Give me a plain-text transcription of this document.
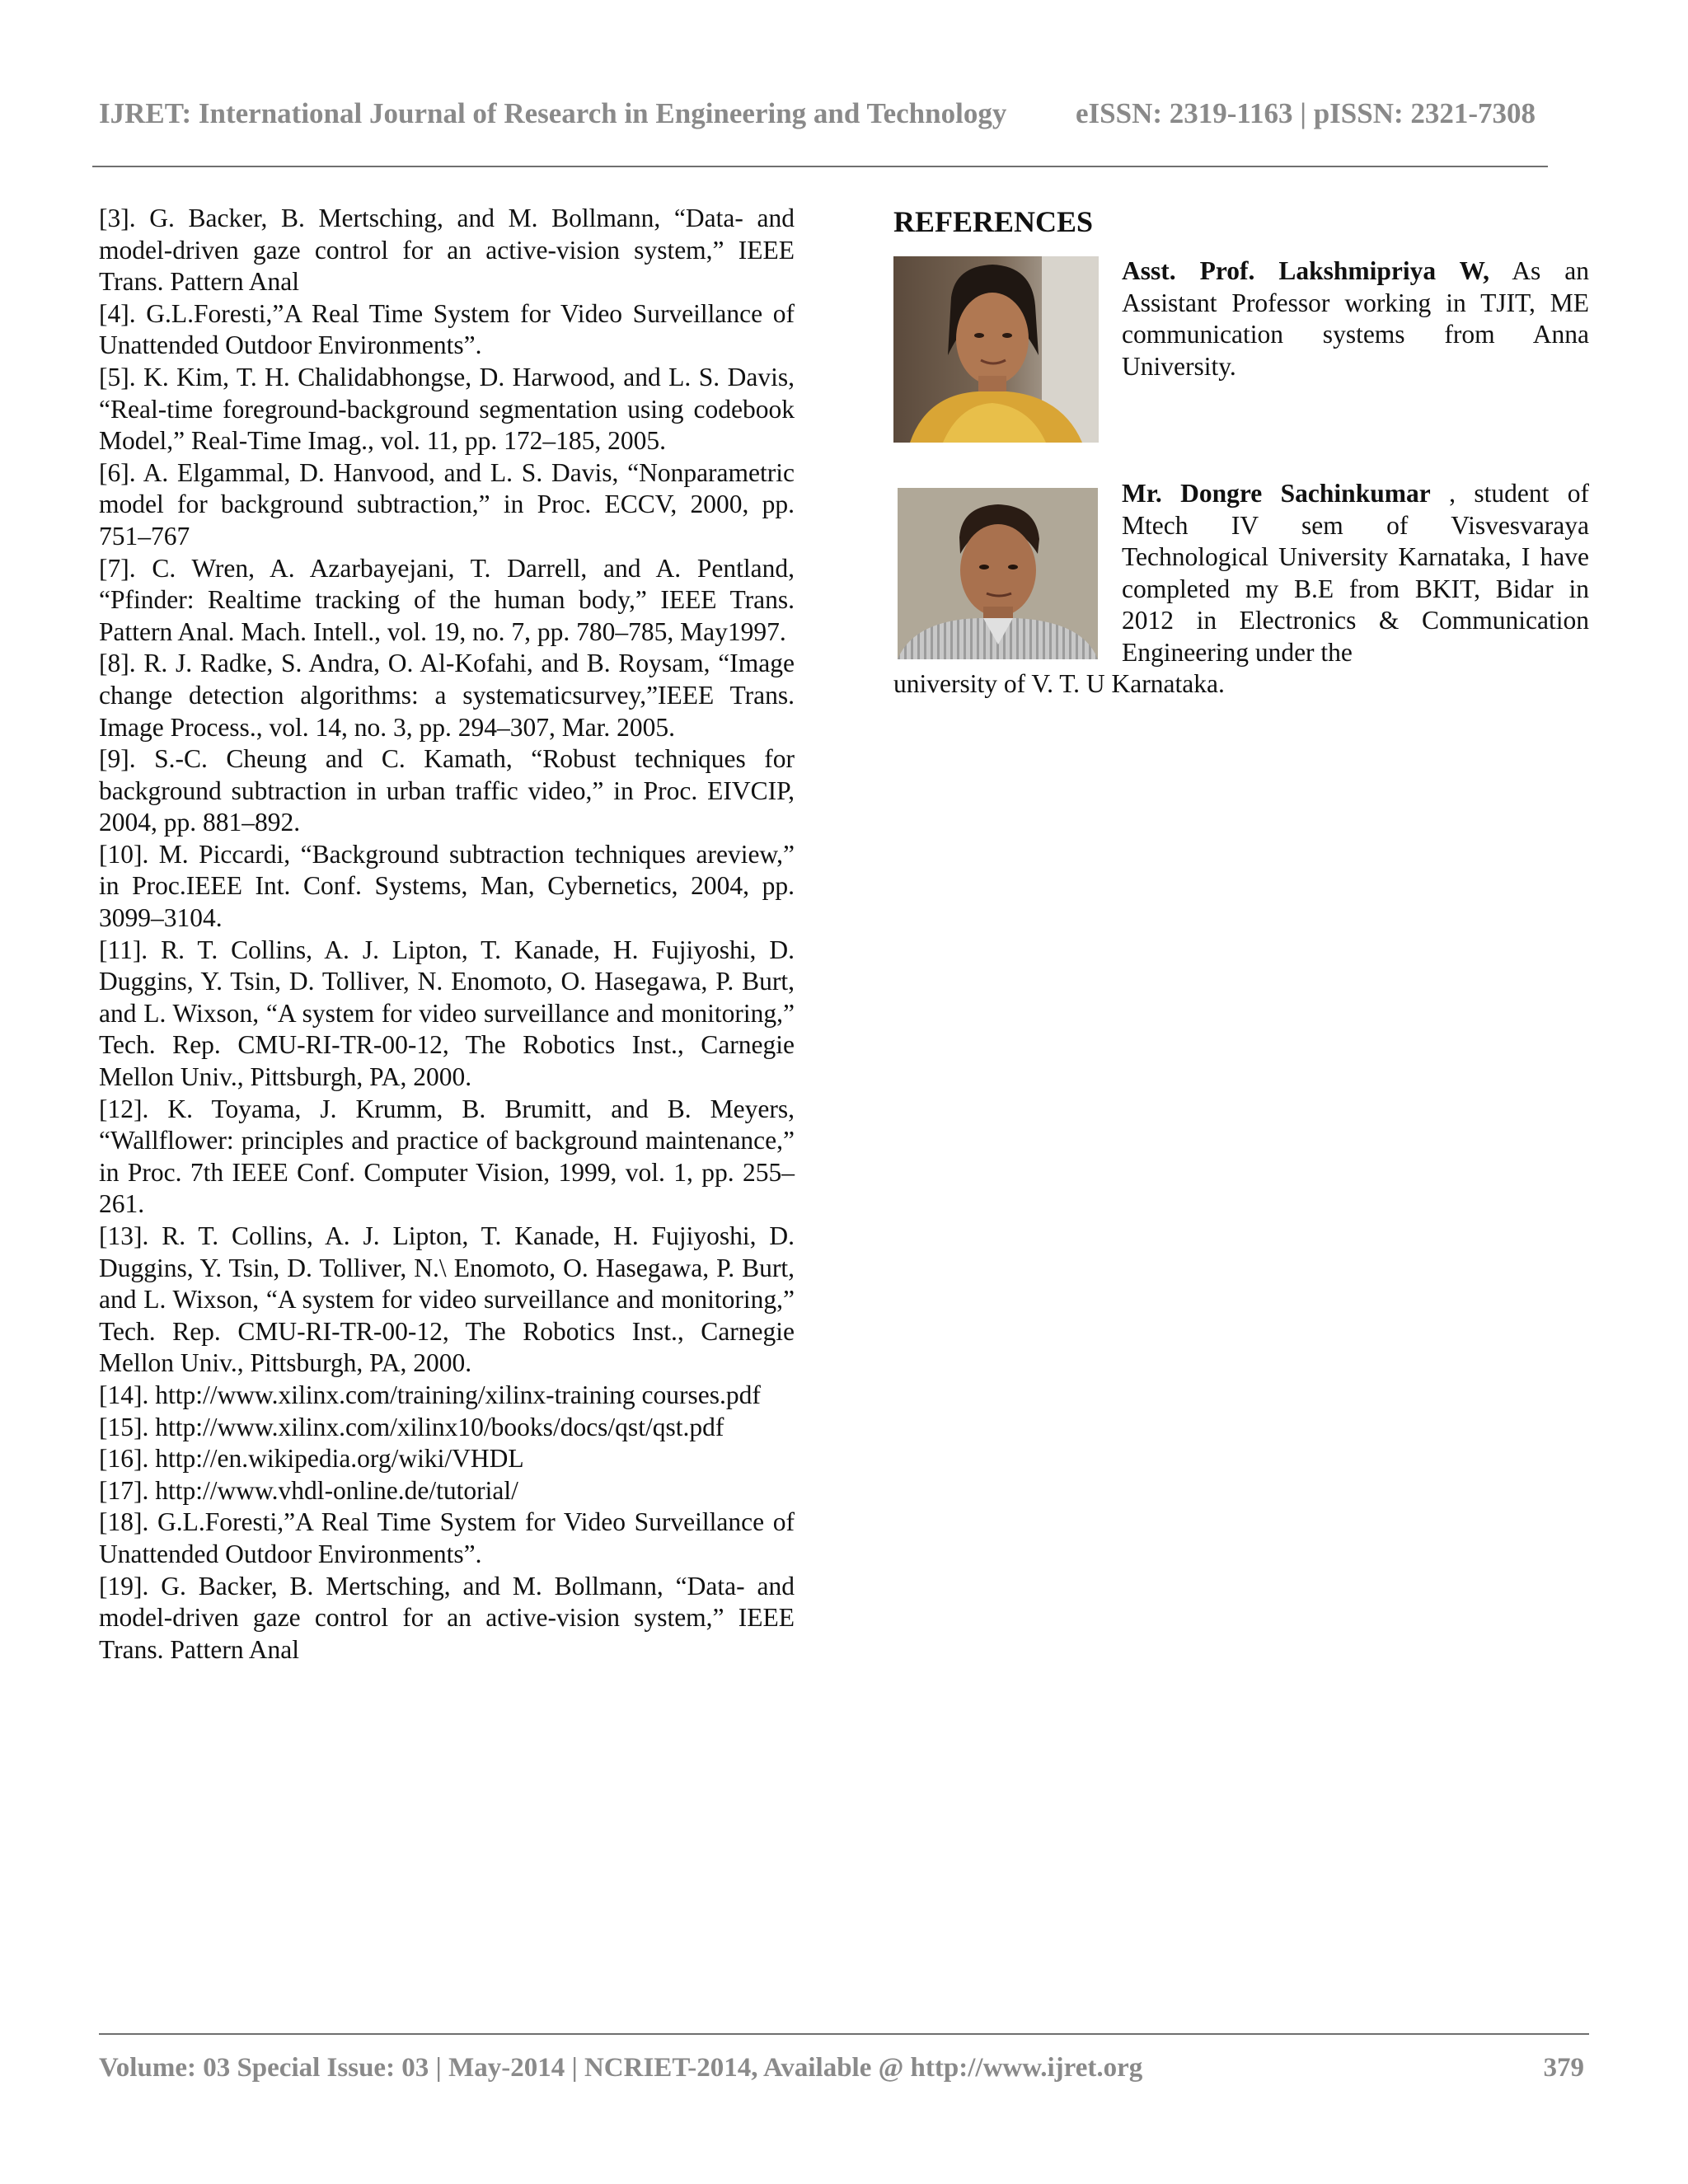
IJRET: International Journal of Research in Engineering and Technology eISSN: 2319-1163 | pISSN: 2321-7308

[3]. G. Backer, B. Mertsching, and M. Bollmann, “Data- and model-driven gaze control for an active-vision system,” IEEE Trans. Pattern Anal

[4]. G.L.Foresti,”A Real Time System for Video Surveillance of Unattended Outdoor Environments”.

[5]. K. Kim, T. H. Chalidabhongse, D. Harwood, and L. S. Davis, “Real-time foreground-background segmentation using codebook Model,” Real-Time Imag., vol. 11, pp. 172–185, 2005.

[6]. A. Elgammal, D. Hanvood, and L. S. Davis, “Nonparametric model for background subtraction,” in Proc. ECCV, 2000, pp. 751–767

[7]. C. Wren, A. Azarbayejani, T. Darrell, and A. Pentland, “Pfinder: Realtime tracking of the human body,” IEEE Trans. Pattern Anal. Mach. Intell., vol. 19, no. 7, pp. 780–785, May1997.

[8]. R. J. Radke, S. Andra, O. Al-Kofahi, and B. Roysam, “Image change detection algorithms: a systematicsurvey,”IEEE Trans. Image Process., vol. 14, no. 3, pp. 294–307, Mar. 2005.

[9]. S.-C. Cheung and C. Kamath, “Robust techniques for background subtraction in urban traffic video,” in Proc. EIVCIP, 2004, pp. 881–892.

[10]. M. Piccardi, “Background subtraction techniques areview,” in Proc.IEEE Int. Conf. Systems, Man, Cybernetics, 2004, pp. 3099–3104.

[11]. R. T. Collins, A. J. Lipton, T. Kanade, H. Fujiyoshi, D. Duggins, Y. Tsin, D. Tolliver, N. Enomoto, O. Hasegawa, P. Burt, and L. Wixson, “A system for video surveillance and monitoring,” Tech. Rep. CMU-RI-TR-00-12, The Robotics Inst., Carnegie Mellon Univ., Pittsburgh, PA, 2000.

[12]. K. Toyama, J. Krumm, B. Brumitt, and B. Meyers, “Wallflower: principles and practice of background maintenance,” in Proc. 7th IEEE Conf. Computer Vision, 1999, vol. 1, pp. 255–261.

[13]. R. T. Collins, A. J. Lipton, T. Kanade, H. Fujiyoshi, D. Duggins, Y. Tsin, D. Tolliver, N.\ Enomoto, O. Hasegawa, P. Burt, and L. Wixson, “A system for video surveillance and monitoring,” Tech. Rep. CMU-RI-TR-00-12, The Robotics Inst., Carnegie Mellon Univ., Pittsburgh, PA, 2000.

[14]. http://www.xilinx.com/training/xilinx-training courses.pdf

[15]. http://www.xilinx.com/xilinx10/books/docs/qst/qst.pdf

[16]. http://en.wikipedia.org/wiki/VHDL

[17]. http://www.vhdl-online.de/tutorial/

[18]. G.L.Foresti,”A Real Time System for Video Surveillance of Unattended Outdoor Environments”.

[19]. G. Backer, B. Mertsching, and M. Bollmann, “Data- and model-driven gaze control for an active-vision system,” IEEE Trans. Pattern Anal

REFERENCES

Asst. Prof. Lakshmipriya W, As an Assistant Professor working in TJIT, ME communication systems from Anna University.

Mr. Dongre Sachinkumar , student of Mtech IV sem of Visvesvaraya Technological University Karnataka, I have completed my B.E from BKIT, Bidar in 2012 in Electronics & Communication Engineering under the

university of V. T. U Karnataka.

Volume: 03 Special Issue: 03 | May-2014 | NCRIET-2014, Available @ http://www.ijret.org	379
